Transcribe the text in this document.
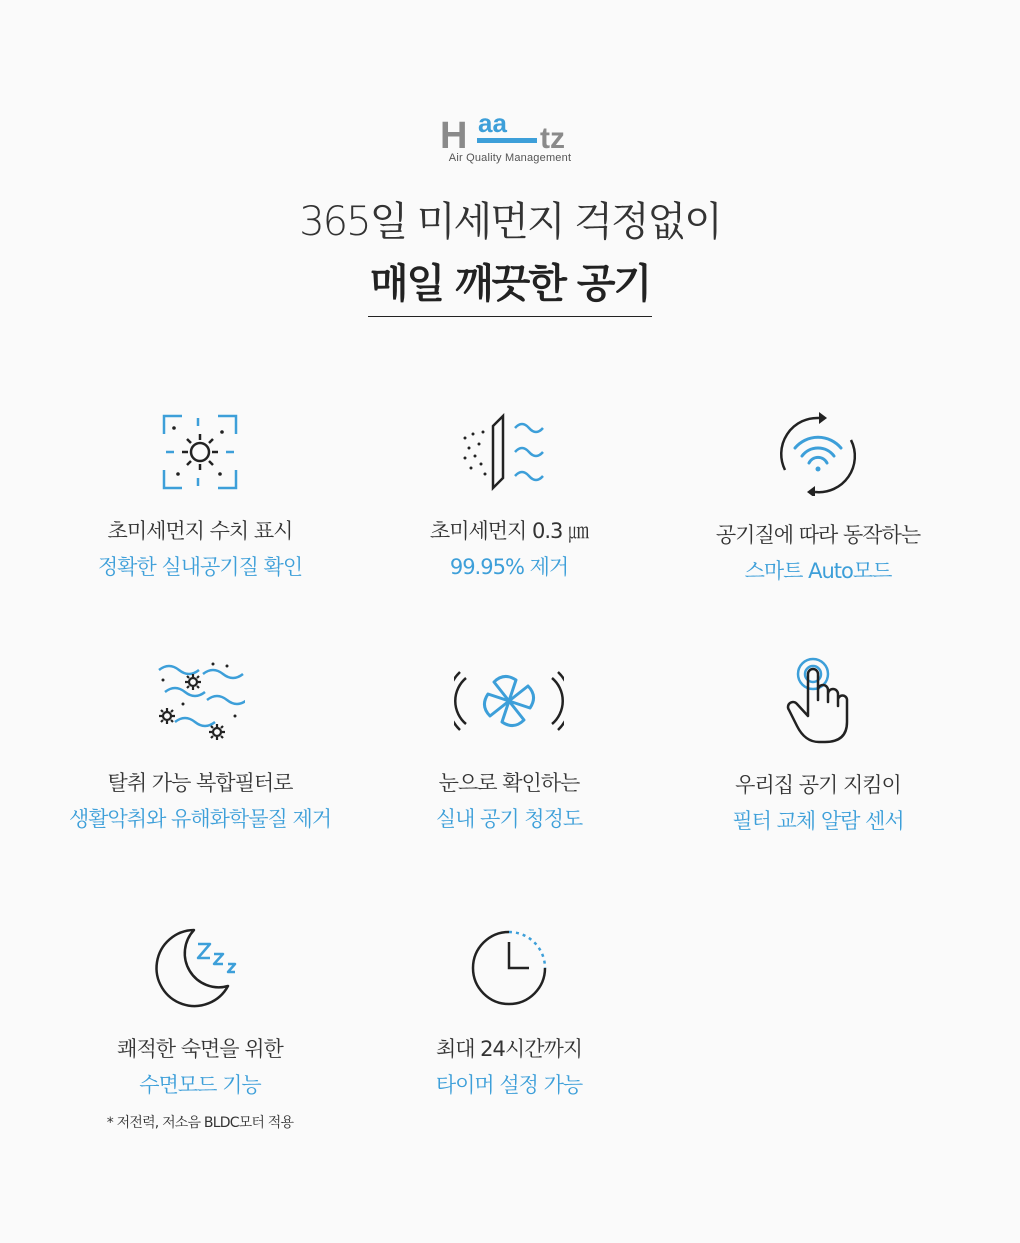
H tz
aa
Air Quality Management
365일 미세먼지 걱정없이
매일 깨끗한 공기
초미세먼지 수치 표시
정확한 실내공기질 확인
초미세먼지 0.3 ㎛
99.95% 제거
공기질에 따라 동작하는
스마트 Auto모드
탈취 가능 복합필터로
생활악취와 유해화학물질 제거
눈으로 확인하는
실내 공기 청정도
우리집 공기 지킴이
필터 교체 알람 센서
쾌적한 숙면을 위한
수면모드 기능
* 저전력, 저소음 BLDC모터 적용
최대 24시간까지
타이머 설정 가능
